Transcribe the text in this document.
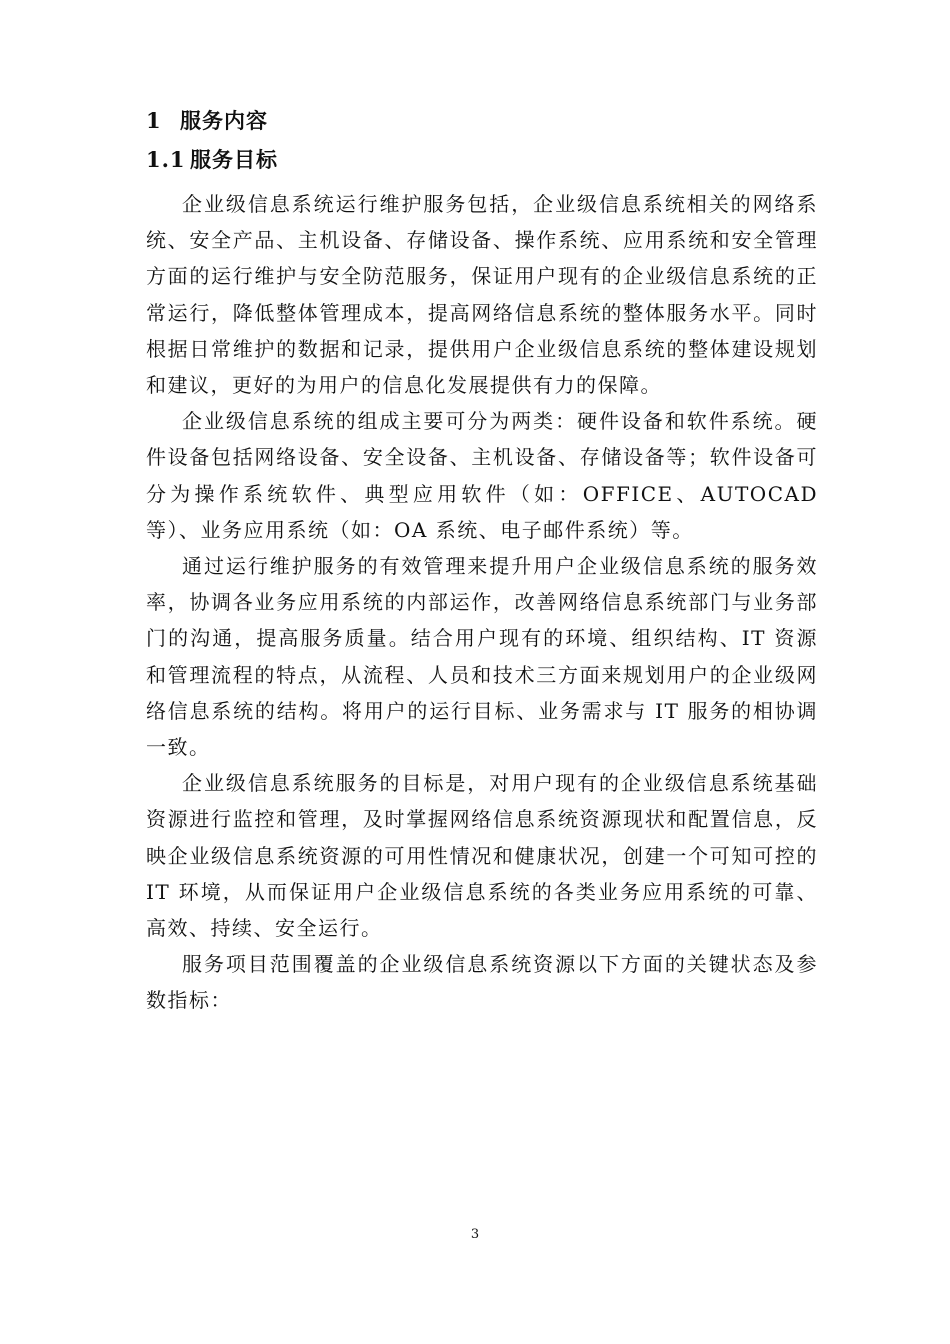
1 服务内容
1.1 服务目标

企业级信息系统运行维护服务包括，企业级信息系统相关的网络系统、安全产品、主机设备、存储设备、操作系统、应用系统和安全管理方面的运行维护与安全防范服务，保证用户现有的企业级信息系统的正常运行，降低整体管理成本，提高网络信息系统的整体服务水平。同时根据日常维护的数据和记录，提供用户企业级信息系统的整体建设规划和建议，更好的为用户的信息化发展提供有力的保障。

企业级信息系统的组成主要可分为两类：硬件设备和软件系统。硬件设备包括网络设备、安全设备、主机设备、存储设备等；软件设备可分为操作系统软件、典型应用软件（如：OFFICE、AUTOCAD 等）、业务应用系统（如：OA 系统、电子邮件系统）等。

通过运行维护服务的有效管理来提升用户企业级信息系统的服务效率，协调各业务应用系统的内部运作，改善网络信息系统部门与业务部门的沟通，提高服务质量。结合用户现有的环境、组织结构、IT 资源和管理流程的特点，从流程、人员和技术三方面来规划用户的企业级网络信息系统的结构。将用户的运行目标、业务需求与 IT 服务的相协调一致。

企业级信息系统服务的目标是，对用户现有的企业级信息系统基础资源进行监控和管理，及时掌握网络信息系统资源现状和配置信息，反映企业级信息系统资源的可用性情况和健康状况，创建一个可知可控的 IT 环境，从而保证用户企业级信息系统的各类业务应用系统的可靠、高效、持续、安全运行。

服务项目范围覆盖的企业级信息系统资源以下方面的关键状态及参数指标：

3
